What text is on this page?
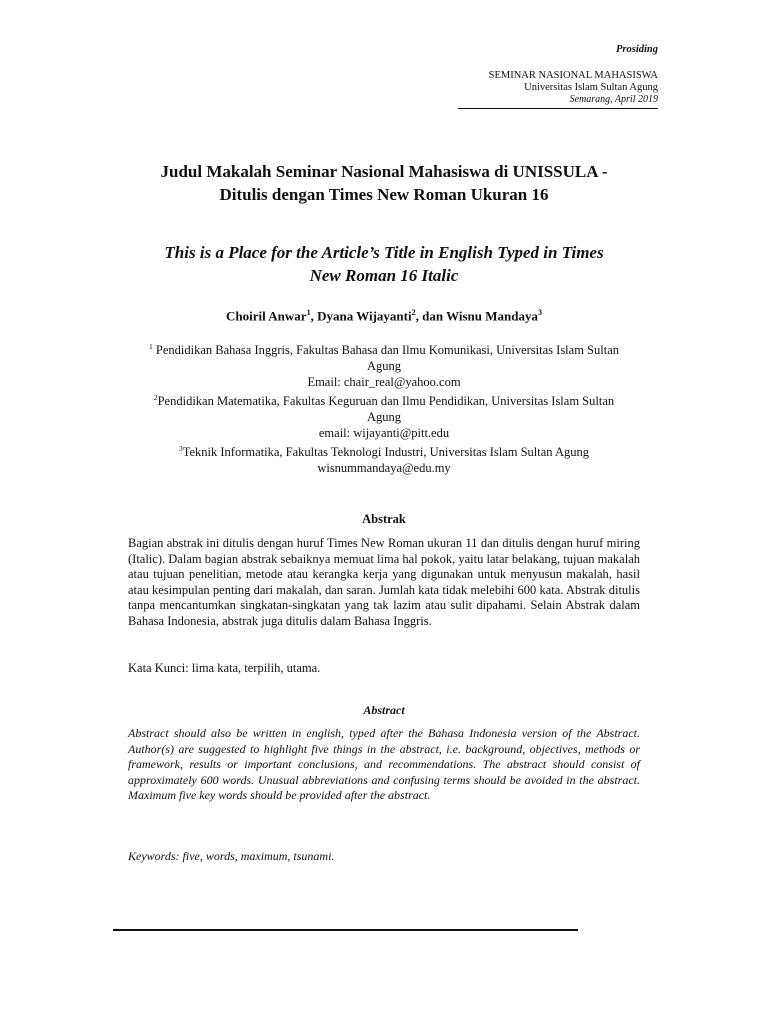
Prosiding
SEMINAR NASIONAL MAHASISWA
Universitas Islam Sultan Agung
Semarang, April 2019
Judul Makalah Seminar Nasional Mahasiswa di UNISSULA -
Ditulis dengan Times New Roman Ukuran 16
This is a Place for the Article’s Title in English Typed in Times
New Roman 16 Italic
Choiril Anwar$^1$, Dyana Wijayanti$^2$, dan Wisnu Mandaya$^3$
$^1$ Pendidikan Bahasa Inggris, Fakultas Bahasa dan Ilmu Komunikasi, Universitas Islam Sultan
Agung
Email: chair_real@yahoo.com
$^2$Pendidikan Matematika, Fakultas Keguruan dan Ilmu Pendidikan, Universitas Islam Sultan
Agung
email: wijayanti@pitt.edu
$^3$Teknik Informatika, Fakultas Teknologi Industri, Universitas Islam Sultan Agung
wisnummandaya@edu.my
Abstrak
Bagian abstrak ini ditulis dengan huruf Times New Roman ukuran 11 dan ditulis dengan huruf miring (Italic). Dalam bagian abstrak sebaiknya memuat lima hal pokok, yaitu latar belakang, tujuan makalah atau tujuan penelitian, metode atau kerangka kerja yang digunakan untuk menyusun makalah, hasil atau kesimpulan penting dari makalah, dan saran. Jumlah kata tidak melebihi 600 kata. Abstrak ditulis tanpa mencantumkan singkatan-singkatan yang tak lazim atau sulit dipahami. Selain Abstrak dalam Bahasa Indonesia, abstrak juga ditulis dalam Bahasa Inggris.
Kata Kunci: lima kata, terpilih, utama.
Abstract
Abstract should also be written in english, typed after the Bahasa Indonesia version of the Abstract. Author(s) are suggested to highlight five things in the abstract, i.e. background, objectives, methods or framework, results or important conclusions, and recommendations. The abstract should consist of approximately 600 words. Unusual abbreviations and confusing terms should be avoided in the abstract. Maximum five key words should be provided after the abstract.
Keywords: five, words, maximum, tsunami.
